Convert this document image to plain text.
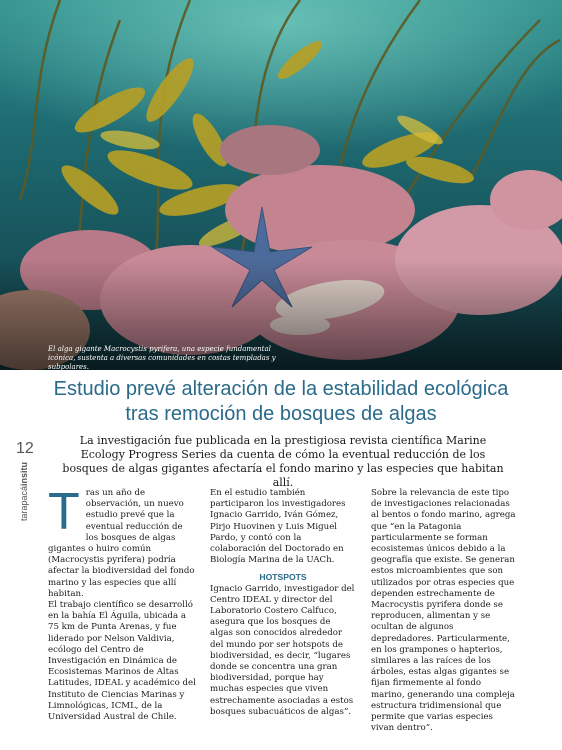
El alga gigante Macrocystis pyrifera, una especie fundamental icónica, sustenta a diversas comunidades en costas templadas y subpolares.
Estudio prevé alteración de la estabilidad ecológica tras remoción de bosques de algas

La investigación fue publicada en la prestigiosa revista científica Marine Ecology Progress Series da cuenta de cómo la eventual reducción de los bosques de algas gigantes afectaría el fondo marino y las especies que habitan allí.

12
tarapacáinsitu
T ras un año de observación, un nuevo estudio prevé que la eventual reducción de los bosques de algas gigantes o huiro común (Macrocystis pyrifera) podría afectar la biodiversidad del fondo marino y las especies que allí habitan.

El trabajo científico se desarrolló en la bahía El Águila, ubicada a 75 km de Punta Arenas, y fue liderado por Nelson Valdivia, ecólogo del Centro de Investigación en Dinámica de Ecosistemas Marinos de Altas Latitudes, IDEAL y académico del Instituto de Ciencias Marinas y Limnológicas, ICML, de la Universidad Austral de Chile.

En el estudio también participaron los investigadores Ignacio Garrido, Iván Gómez, Pirjo Huovinen y Luis Miguel Pardo, y contó con la colaboración del Doctorado en Biología Marina de la UACh.

HOTSPOTS

Ignacio Garrido, investigador del Centro IDEAL y director del Laboratorio Costero Calfuco, asegura que los bosques de algas son conocidos alrededor del mundo por ser hotspots de biodiversidad, es decir, “lugares donde se concentra una gran biodiversidad, porque hay muchas especies que viven estrechamente asociadas a estos bosques subacuáticos de algas”.

Sobre la relevancia de este tipo de investigaciones relacionadas al bentos o fondo marino, agrega que “en la Patagonia particularmente se forman ecosistemas únicos debido a la geografía que existe. Se generan estos microambientes que son utilizados por otras especies que dependen estrechamente de Macrocystis pyrifera donde se reproducen, alimentan y se ocultan de algunos depredadores. Particularmente, en los grampones o hapterios, similares a las raíces de los árboles, estas algas gigantes se fijan firmemente al fondo marino, generando una compleja estructura tridimensional que permite que varias especies vivan dentro”.
